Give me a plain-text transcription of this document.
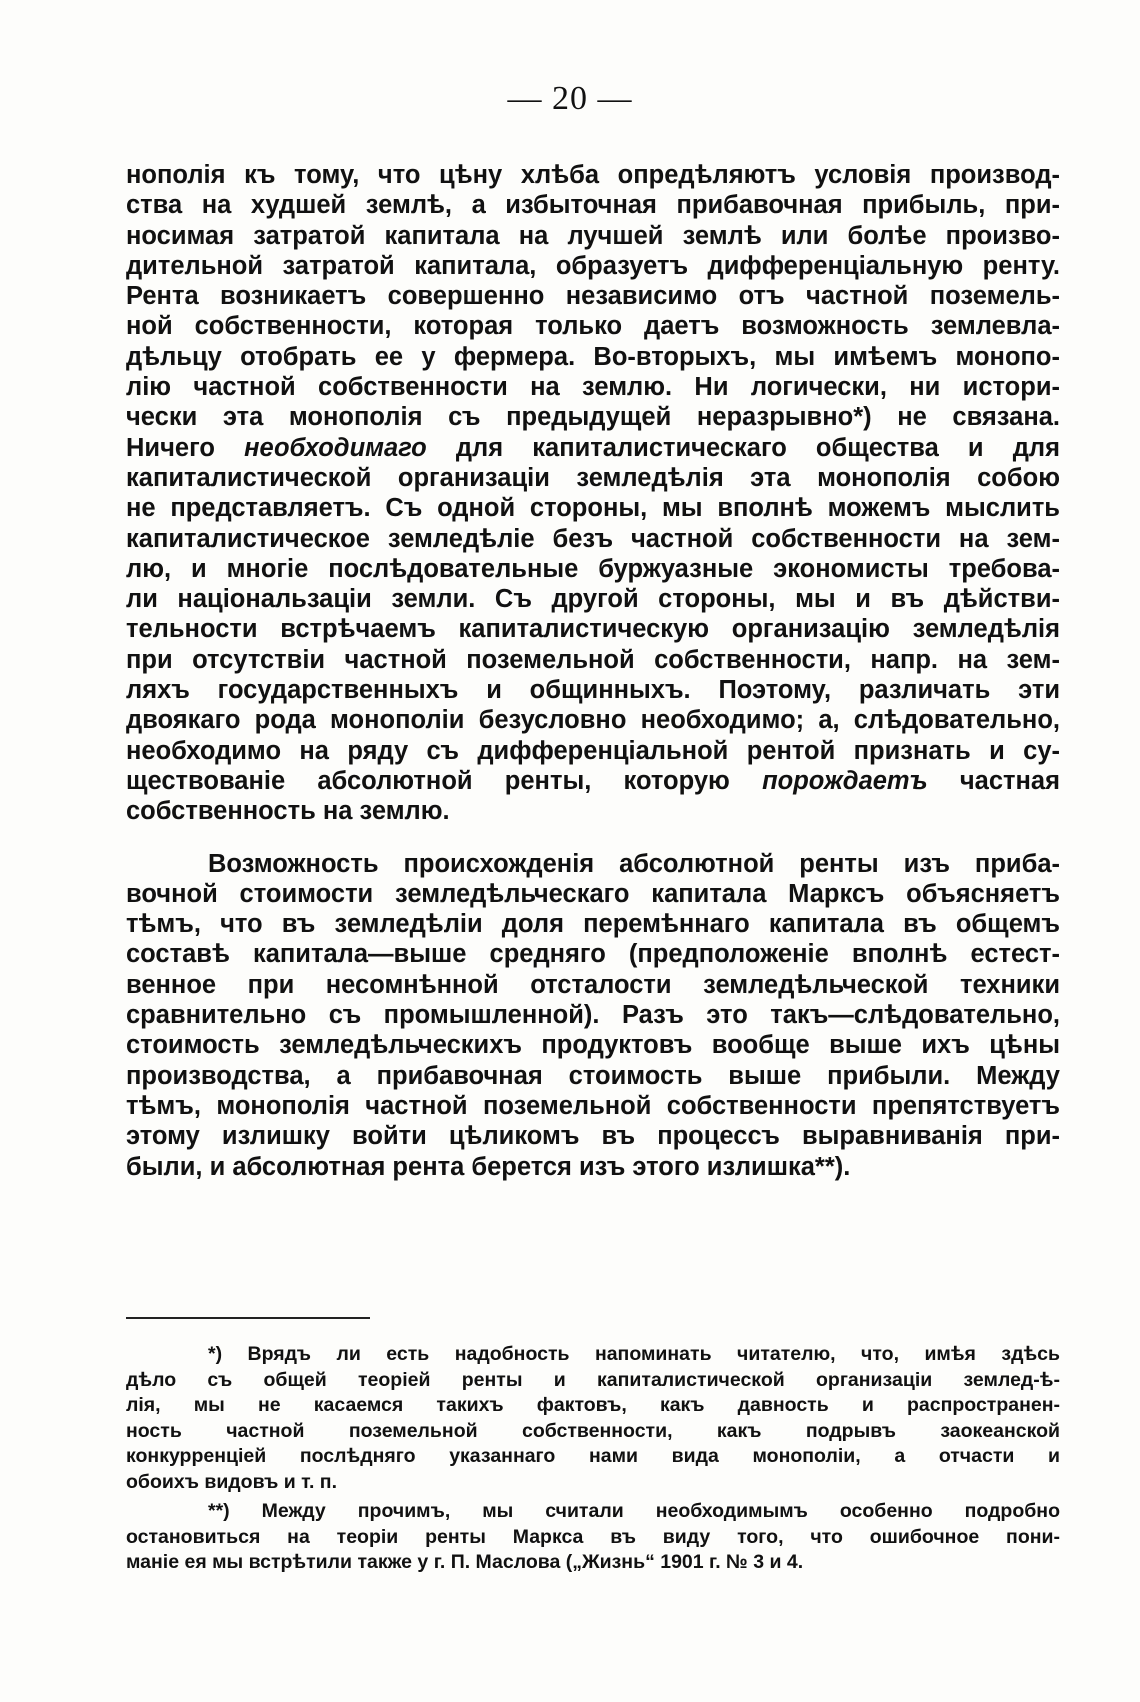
— 20 —

нополія къ тому, что цѣну хлѣба опредѣляютъ условія производ-
ства на худшей землѣ, а избыточная прибавочная прибыль, при-
носимая затратой капитала на лучшей землѣ или болѣе произво-
дительной затратой капитала, образуетъ дифференціальную ренту.
Рента возникаетъ совершенно независимо отъ частной поземель-
ной собственности, которая только даетъ возможность землевла-
дѣльцу отобрать ее у фермера. Во-вторыхъ, мы имѣемъ монопо-
лію частной собственности на землю. Ни логически, ни истори-
чески эта монополія съ предыдущей неразрывно*) не связана.
Ничего необходимаго для капиталистическаго общества и для
капиталистической организаціи земледѣлія эта монополія собою
не представляетъ. Съ одной стороны, мы вполнѣ можемъ мыслить
капиталистическое земледѣліе безъ частной собственности на зем-
лю, и многіе послѣдовательные буржуазные экономисты требова-
ли національзаціи земли. Съ другой стороны, мы и въ дѣйстви-
тельности встрѣчаемъ капиталистическую организацію земледѣлія
при отсутствіи частной поземельной собственности, напр. на зем-
ляхъ государственныхъ и общинныхъ. Поэтому, различать эти
двоякаго рода монополіи безусловно необходимо; а, слѣдовательно,
необходимо на ряду съ дифференціальной рентой признать и су-
ществованіе абсолютной ренты, которую порождаетъ частная
собственность на землю.

Возможность происхожденія абсолютной ренты изъ приба-
вочной стоимости земледѣльческаго капитала Марксъ объясняетъ
тѣмъ, что въ земледѣліи доля перемѣннаго капитала въ общемъ
составѣ капитала—выше средняго (предположеніе вполнѣ естест-
венное при несомнѣнной отсталости земледѣльческой техники
сравнительно съ промышленной). Разъ это такъ—слѣдовательно,
стоимость земледѣльческихъ продуктовъ вообще выше ихъ цѣны
производства, а прибавочная стоимость выше прибыли. Между
тѣмъ, монополія частной поземельной собственности препятствуетъ
этому излишку войти цѣликомъ въ процессъ выравниванія при-
были, и абсолютная рента берется изъ этого излишка**).

*) Врядъ ли есть надобность напоминать читателю, что, имѣя здѣсь
дѣло съ общей теоріей ренты и капиталистической организаціи землед-ѣ-
лія, мы не касаемся такихъ фактовъ, какъ давность и распространен-
ность частной поземельной собственности, какъ подрывъ заокеанской
конкурренціей послѣдняго указаннаго нами вида монополіи, а отчасти и
обоихъ видовъ и т. п.
**) Между прочимъ, мы считали необходимымъ особенно подробно
остановиться на теоріи ренты Маркса въ виду того, что ошибочное пони-
маніе ея мы встрѣтили также у г. П. Маслова („Жизнь“ 1901 г. № 3 и 4.
